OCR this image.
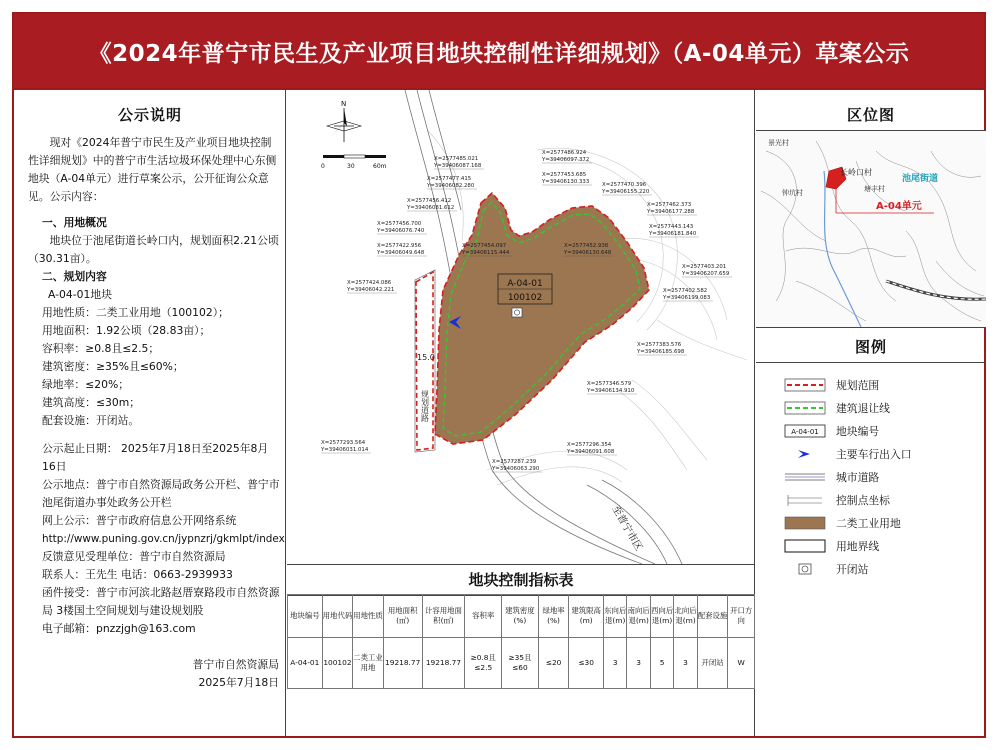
《2024年普宁市民生及产业项目地块控制性详细规划》（A-04单元）草案公示
公示说明

现对《2024年普宁市民生及产业项目地块控制性详细规划》中的普宁市生活垃圾环保处理中心东侧地块（A-04单元）进行草案公示，公开征询公众意见。公示内容：

一、用地概况

地块位于池尾街道长岭口内，规划面积2.21公顷（30.31亩）。

二、规划内容

A-04-01地块

用地性质：二类工业用地（100102）；

用地面积：1.92公顷（28.83亩）；

容积率：≥0.8且≤2.5；

建筑密度：≥35%且≤60%；

绿地率：≤20%；

建筑高度：≤30m；

配套设施：开闭站。

公示起止日期： 2025年7月18日至2025年8月16日

公示地点：普宁市自然资源局政务公开栏、普宁市池尾街道办事处政务公开栏

网上公示：普宁市政府信息公开网络系统

http://www.puning.gov.cn/jypnzrj/gkmlpt/index

反馈意见受理单位：普宁市自然资源局

联系人：王先生 电话：0663-2939933

函件接受：普宁市河滨北路赵厝寮路段市自然资源局 3楼国土空间规划与建设规划股

电子邮箱：pnzzjgh@163.com

普宁市自然资源局
2025年7月18日
A-04-01
100102
15.0
规划道路
至普宁市区
N
0	30	60m
X=2577485.021
Y=39406087.168
X=2577477.415
Y=39406082.280
X=2577456.412
Y=39406081.612
X=2577456.700
Y=39406076.740
X=2577422.956
Y=39406049.648
X=2577424.086
Y=39406042.221
X=2577486.924
Y=39406097.372
X=2577453.685
Y=39406130.333 X=2577470.396
Y=39406155.220
X=2577462.373
Y=39406177.288
X=2577443.143
Y=39406181.840
X=2577454.097
Y=39406115.444
X=2577452.938
Y=39406130.648
X=2577403.201
Y=39406207.659
X=2577402.582
Y=39406199.083
X=2577383.576
Y=39406185.698
X=2577346.579
Y=39406134.910
X=2577293.564
Y=39406031.014
X=2577296.354
Y=39406091.608
X=2577287.239
Y=39406063.290
地块控制指标表
地块编号	用地代码	用地性质	用地面积(㎡)	计容用地面积(㎡)	容积率	建筑密度(%)	绿地率(%)	建筑限高(m)	东向后退(m)	南向后退(m)	西向后退(m)	北向后退(m)	配套设施	开口方向
A-04-01	100102	二类工业用地	19218.77	19218.77	≥0.8且≤2.5	≥35且≤60	≤20	≤30	3	3	5	3	开闭站	W
区位图
景光村
长岭口村
塘丰村
池尾街道
钟坑村
A-04单元
图例
规划范围
建筑退让线
A-04-01 地块编号
主要车行出入口
城市道路
控制点坐标
二类工业用地
用地界线
开闭站
